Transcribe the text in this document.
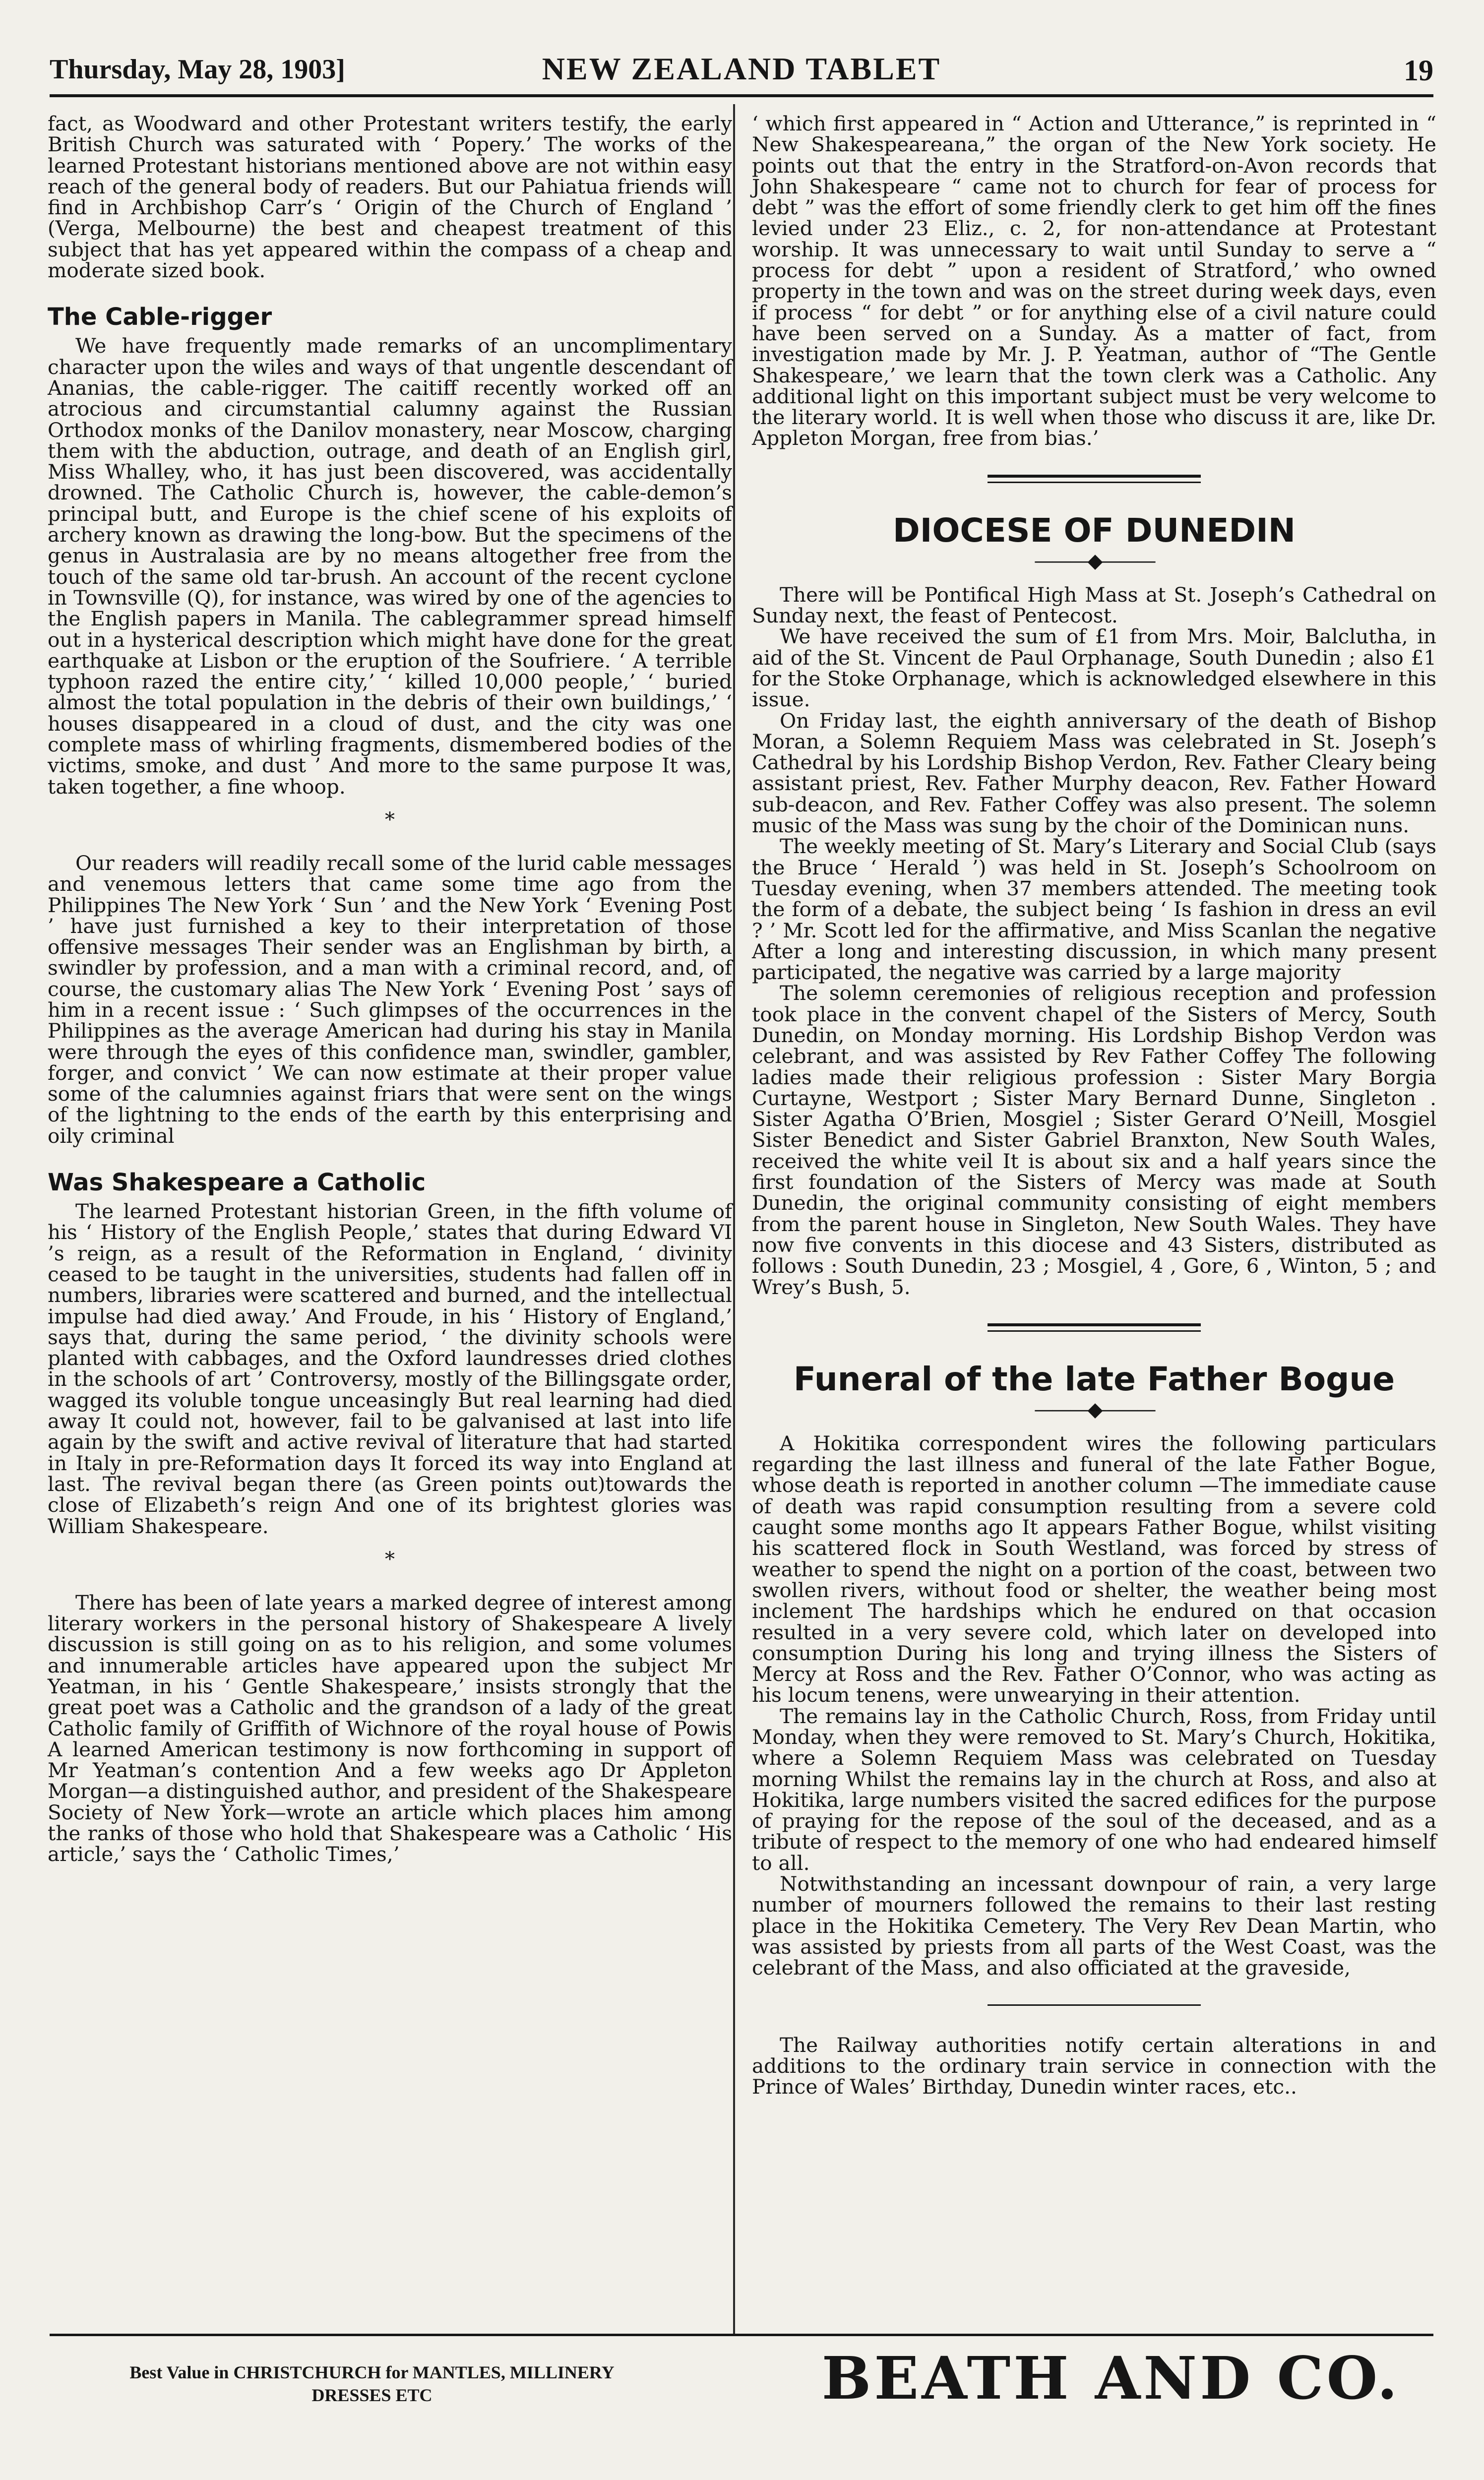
Thursday, May 28, 1903]	NEW ZEALAND TABLET	19

fact, as Woodward and other Protestant writers testify, the early British Church was saturated with ‘ Popery.’ The works of the learned Protestant historians mentioned above are not within easy reach of the general body of readers. But our Pahiatua friends will find in Archbishop Carr’s ‘ Origin of the Church of England ’ (Verga, Melbourne) the best and cheapest treatment of this subject that has yet appeared within the compass of a cheap and moderate sized book.

The Cable-rigger

We have frequently made remarks of an uncomplimentary character upon the wiles and ways of that ungentle descendant of Ananias, the cable-rigger. The caitiff recently worked off an atrocious and circumstantial calumny against the Russian Orthodox monks of the Danilov monastery, near Moscow, charging them with the abduction, outrage, and death of an English girl, Miss Whalley, who, it has just been discovered, was accidentally drowned. The Catholic Church is, however, the cable-demon’s principal butt, and Europe is the chief scene of his exploits of archery known as drawing the long-bow. But the specimens of the genus in Australasia are by no means altogether free from the touch of the same old tar-brush. An account of the recent cyclone in Townsville (Q), for instance, was wired by one of the agencies to the English papers in Manila. The cablegrammer spread himself out in a hysterical description which might have done for the great earthquake at Lisbon or the eruption of the Soufriere. ‘ A terrible typhoon razed the entire city,’ ‘ killed 10,000 people,’ ‘ buried almost the total population in the debris of their own buildings,’ ‘ houses disappeared in a cloud of dust, and the city was one complete mass of whirling fragments, dismembered bodies of the victims, smoke, and dust ’ And more to the same purpose It was, taken together, a fine whoop.

*

Our readers will readily recall some of the lurid cable messages and venemous letters that came some time ago from the Philippines The New York ‘ Sun ’ and the New York ‘ Evening Post ’ have just furnished a key to their interpretation of those offensive messages Their sender was an Englishman by birth, a swindler by profession, and a man with a criminal record, and, of course, the customary alias The New York ‘ Evening Post ’ says of him in a recent issue : ‘ Such glimpses of the occurrences in the Philippines as the average American had during his stay in Manila were through the eyes of this confidence man, swindler, gambler, forger, and convict ’ We can now estimate at their proper value some of the calumnies against friars that were sent on the wings of the lightning to the ends of the earth by this enterprising and oily criminal

Was Shakespeare a Catholic

The learned Protestant historian Green, in the fifth volume of his ‘ History of the English People,’ states that during Edward VI ’s reign, as a result of the Reformation in England, ‘ divinity ceased to be taught in the universities, students had fallen off in numbers, libraries were scattered and burned, and the intellectual impulse had died away.’ And Froude, in his ‘ History of England,’ says that, during the same period, ‘ the divinity schools were planted with cabbages, and the Oxford laundresses dried clothes in the schools of art ’ Controversy, mostly of the Billingsgate order, wagged its voluble tongue unceasingly But real learning had died away It could not, however, fail to be galvanised at last into life again by the swift and active revival of literature that had started in Italy in pre-Reformation days It forced its way into England at last. The revival began there (as Green points out)towards the close of Elizabeth’s reign And one of its brightest glories was William Shakespeare.

*

There has been of late years a marked degree of interest among literary workers in the personal history of Shakespeare A lively discussion is still going on as to his religion, and some volumes and innumerable articles have appeared upon the subject Mr Yeatman, in his ‘ Gentle Shakespeare,’ insists strongly that the great poet was a Catholic and the grandson of a lady of the great Catholic family of Griffith of Wichnore of the royal house of Powis A learned American testimony is now forthcoming in support of Mr Yeatman’s contention And a few weeks ago Dr Appleton Morgan—a distinguished author, and president of the Shakespeare Society of New York—wrote an article which places him among the ranks of those who hold that Shakespeare was a Catholic ‘ His article,’ says the ‘ Catholic Times,’

‘ which first appeared in “ Action and Utterance,” is reprinted in “ New Shakespeareana,” the organ of the New York society. He points out that the entry in the Stratford-on-Avon records that John Shakespeare “ came not to church for fear of process for debt ” was the effort of some friendly clerk to get him off the fines levied under 23 Eliz., c. 2, for non-attendance at Protestant worship. It was unnecessary to wait until Sunday to serve a “ process for debt ” upon a resident of Stratford,’ who owned property in the town and was on the street during week days, even if process “ for debt ” or for anything else of a civil nature could have been served on a Sunday. As a matter of fact, from investigation made by Mr. J. P. Yeatman, author of “The Gentle Shakespeare,’ we learn that the town clerk was a Catholic. Any additional light on this important subject must be very welcome to the literary world. It is well when those who discuss it are, like Dr. Appleton Morgan, free from bias.’

DIOCESE OF DUNEDIN
———◆———

There will be Pontifical High Mass at St. Joseph’s Cathedral on Sunday next, the feast of Pentecost.

We have received the sum of £1 from Mrs. Moir, Balclutha, in aid of the St. Vincent de Paul Orphanage, South Dunedin ; also £1 for the Stoke Orphanage, which is acknowledged elsewhere in this issue.

On Friday last, the eighth anniversary of the death of Bishop Moran, a Solemn Requiem Mass was celebrated in St. Joseph’s Cathedral by his Lordship Bishop Verdon, Rev. Father Cleary being assistant priest, Rev. Father Murphy deacon, Rev. Father Howard sub-deacon, and Rev. Father Coffey was also present. The solemn music of the Mass was sung by the choir of the Dominican nuns.

The weekly meeting of St. Mary’s Literary and Social Club (says the Bruce ‘ Herald ’) was held in St. Joseph’s Schoolroom on Tuesday evening, when 37 members attended. The meeting took the form of a debate, the subject being ‘ Is fashion in dress an evil ? ’ Mr. Scott led for the affirmative, and Miss Scanlan the negative After a long and interesting discussion, in which many present participated, the negative was carried by a large majority

The solemn ceremonies of religious reception and profession took place in the convent chapel of the Sisters of Mercy, South Dunedin, on Monday morning. His Lordship Bishop Verdon was celebrant, and was assisted by Rev Father Coffey The following ladies made their religious profession : Sister Mary Borgia Curtayne, Westport ; Sister Mary Bernard Dunne, Singleton . Sister Agatha O’Brien, Mosgiel ; Sister Gerard O’Neill, Mosgiel Sister Benedict and Sister Gabriel Branxton, New South Wales, received the white veil It is about six and a half years since the first foundation of the Sisters of Mercy was made at South Dunedin, the original community consisting of eight members from the parent house in Singleton, New South Wales. They have now five convents in this diocese and 43 Sisters, distributed as follows : South Dunedin, 23 ; Mosgiel, 4 , Gore, 6 , Winton, 5 ; and Wrey’s Bush, 5.

Funeral of the late Father Bogue
———◆———

A Hokitika correspondent wires the following particulars regarding the last illness and funeral of the late Father Bogue, whose death is reported in another column —The immediate cause of death was rapid consumption resulting from a severe cold caught some months ago It appears Father Bogue, whilst visiting his scattered flock in South Westland, was forced by stress of weather to spend the night on a portion of the coast, between two swollen rivers, without food or shelter, the weather being most inclement The hardships which he endured on that occasion resulted in a very severe cold, which later on developed into consumption During his long and trying illness the Sisters of Mercy at Ross and the Rev. Father O’Connor, who was acting as his locum tenens, were unwearying in their attention.

The remains lay in the Catholic Church, Ross, from Friday until Monday, when they were removed to St. Mary’s Church, Hokitika, where a Solemn Requiem Mass was celebrated on Tuesday morning Whilst the remains lay in the church at Ross, and also at Hokitika, large numbers visited the sacred edifices for the purpose of praying for the repose of the soul of the deceased, and as a tribute of respect to the memory of one who had endeared himself to all.

Notwithstanding an incessant downpour of rain, a very large number of mourners followed the remains to their last resting place in the Hokitika Cemetery. The Very Rev Dean Martin, who was assisted by priests from all parts of the West Coast, was the celebrant of the Mass, and also officiated at the graveside,

The Railway authorities notify certain alterations in and additions to the ordinary train service in connection with the Prince of Wales’ Birthday, Dunedin winter races, etc..

Best Value in CHRISTCHURCH for MANTLES, MILLINERY
DRESSES ETC	BEATH AND CO.
